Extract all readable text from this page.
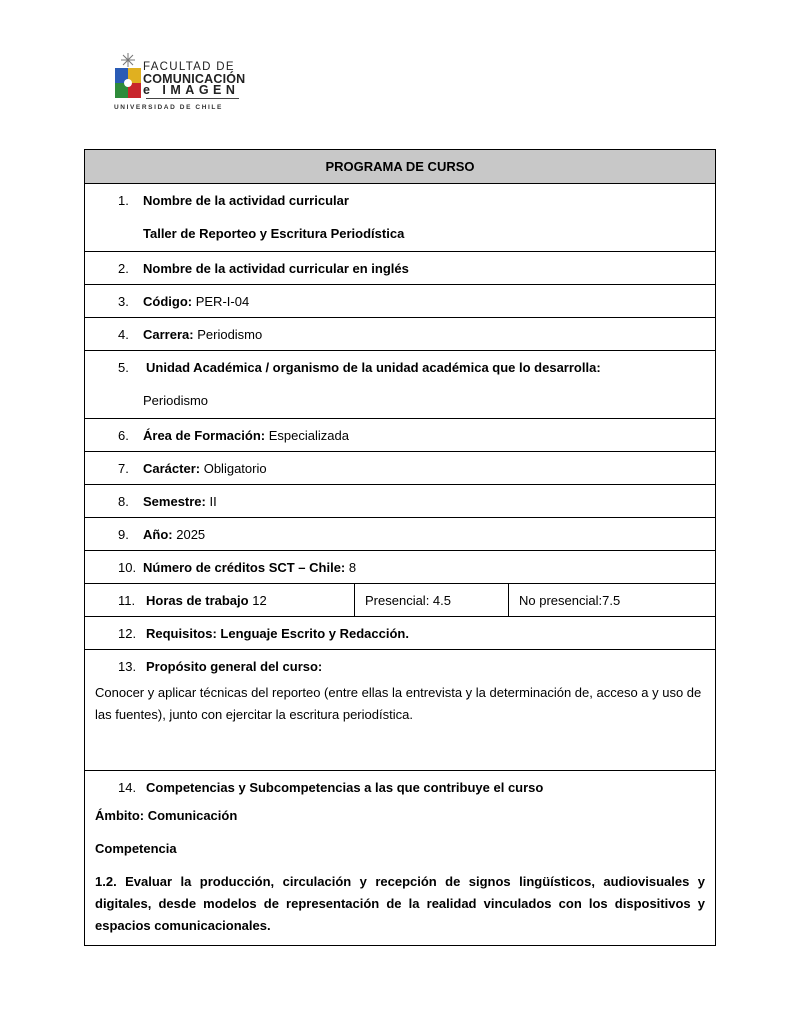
FACULTAD DE
COMUNICACIÓN
e IMAGEN
UNIVERSIDAD DE CHILE
PROGRAMA DE CURSO

1. Nombre de la actividad curricular
Taller de Reporteo y Escritura Periodística

2. Nombre de la actividad curricular en inglés

3. Código: PER-I-04

4. Carrera: Periodismo

5. Unidad Académica / organismo de la unidad académica que lo desarrolla:
Periodismo

6. Área de Formación: Especializada

7. Carácter: Obligatorio

8. Semestre: II

9. Año: 2025

10. Número de créditos SCT – Chile: 8

11. Horas de trabajo 12	Presencial: 4.5	No presencial:7.5

12. Requisitos: Lenguaje Escrito y Redacción.

13. Propósito general del curso:
Conocer y aplicar técnicas del reporteo (entre ellas la entrevista y la determinación de, acceso a y uso de las fuentes), junto con ejercitar la escritura periodística.

14. Competencias y Subcompetencias a las que contribuye el curso
Ámbito: Comunicación
Competencia
1.2. Evaluar la producción, circulación y recepción de signos lingüísticos, audiovisuales y digitales, desde modelos de representación de la realidad vinculados con los dispositivos y espacios comunicacionales.
